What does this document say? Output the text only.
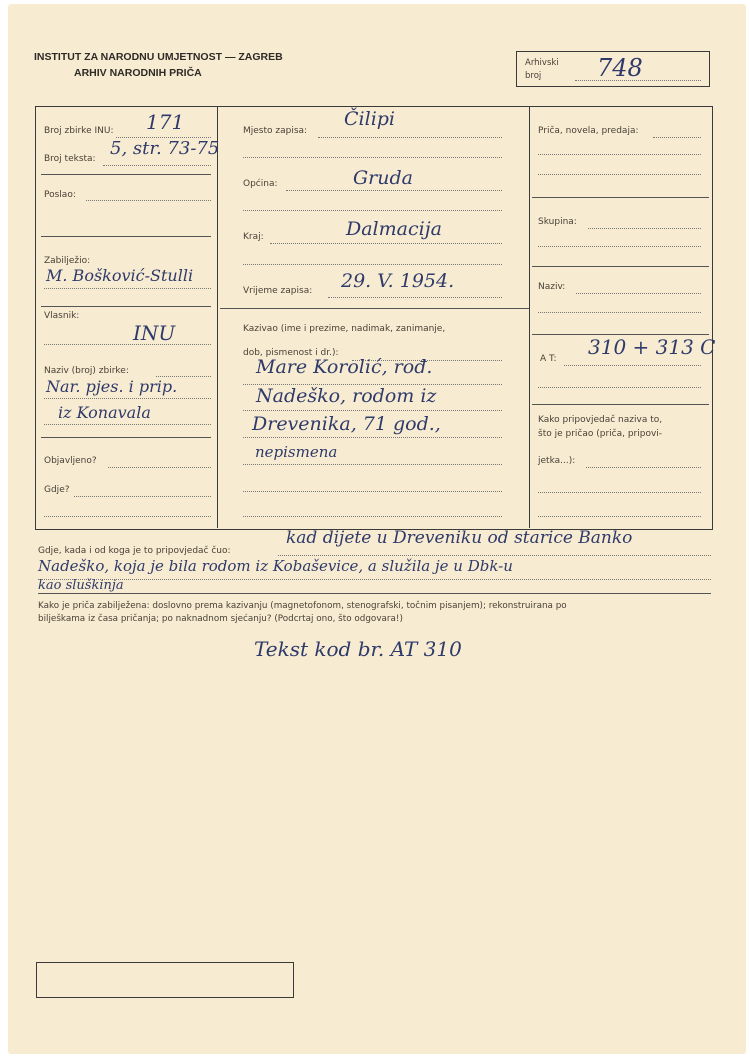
INSTITUT ZA NARODNU UMJETNOST — ZAGREB
ARHIV NARODNIH PRIČA
Arhivski
broj 748
Broj zbirke INU: 171
Broj teksta: 5, str. 73-75
Poslao:
Zabilježio:
M. Bošković-Stulli
Vlasnik:
INU
Naziv (broj) zbirke:
Nar. pjes. i prip.
iz Konavala
Objavljeno?
Gdje?
Mjesto zapisa:
Čilipi
Općina:	Gruda
Kraj:	Dalmacija
Vrijeme zapisa: 29. V. 1954.
Kazivao (ime i prezime, nadimak, zanimanje,
dob, pismenost i dr.):
Mare Korolić, rođ.
Nadeško, rodom iz
Drevenika, 71 god.,
nepismena
Priča, novela, predaja:
Skupina:
Naziv:
A T: 310 + 313 C
Kako pripovjedač naziva to,
što je pričao (priča, pripovi-
jetka...):
Gdje, kada i od koga je to pripovjedač čuo:
kad dijete u Dreveniku od starice Banko
Nadeško, koja je bila rodom iz Kobaševice, a služila je u Dbk-u
kao sluškinja
Kako je priča zabilježena: doslovno prema kazivanju (magnetofonom, stenografski, točnim pisanjem); rekonstruirana po
bilješkama iz časa pričanja; po naknadnom sjećanju? (Podcrtaj ono, što odgovara!)
Tekst kod br. AT 310
